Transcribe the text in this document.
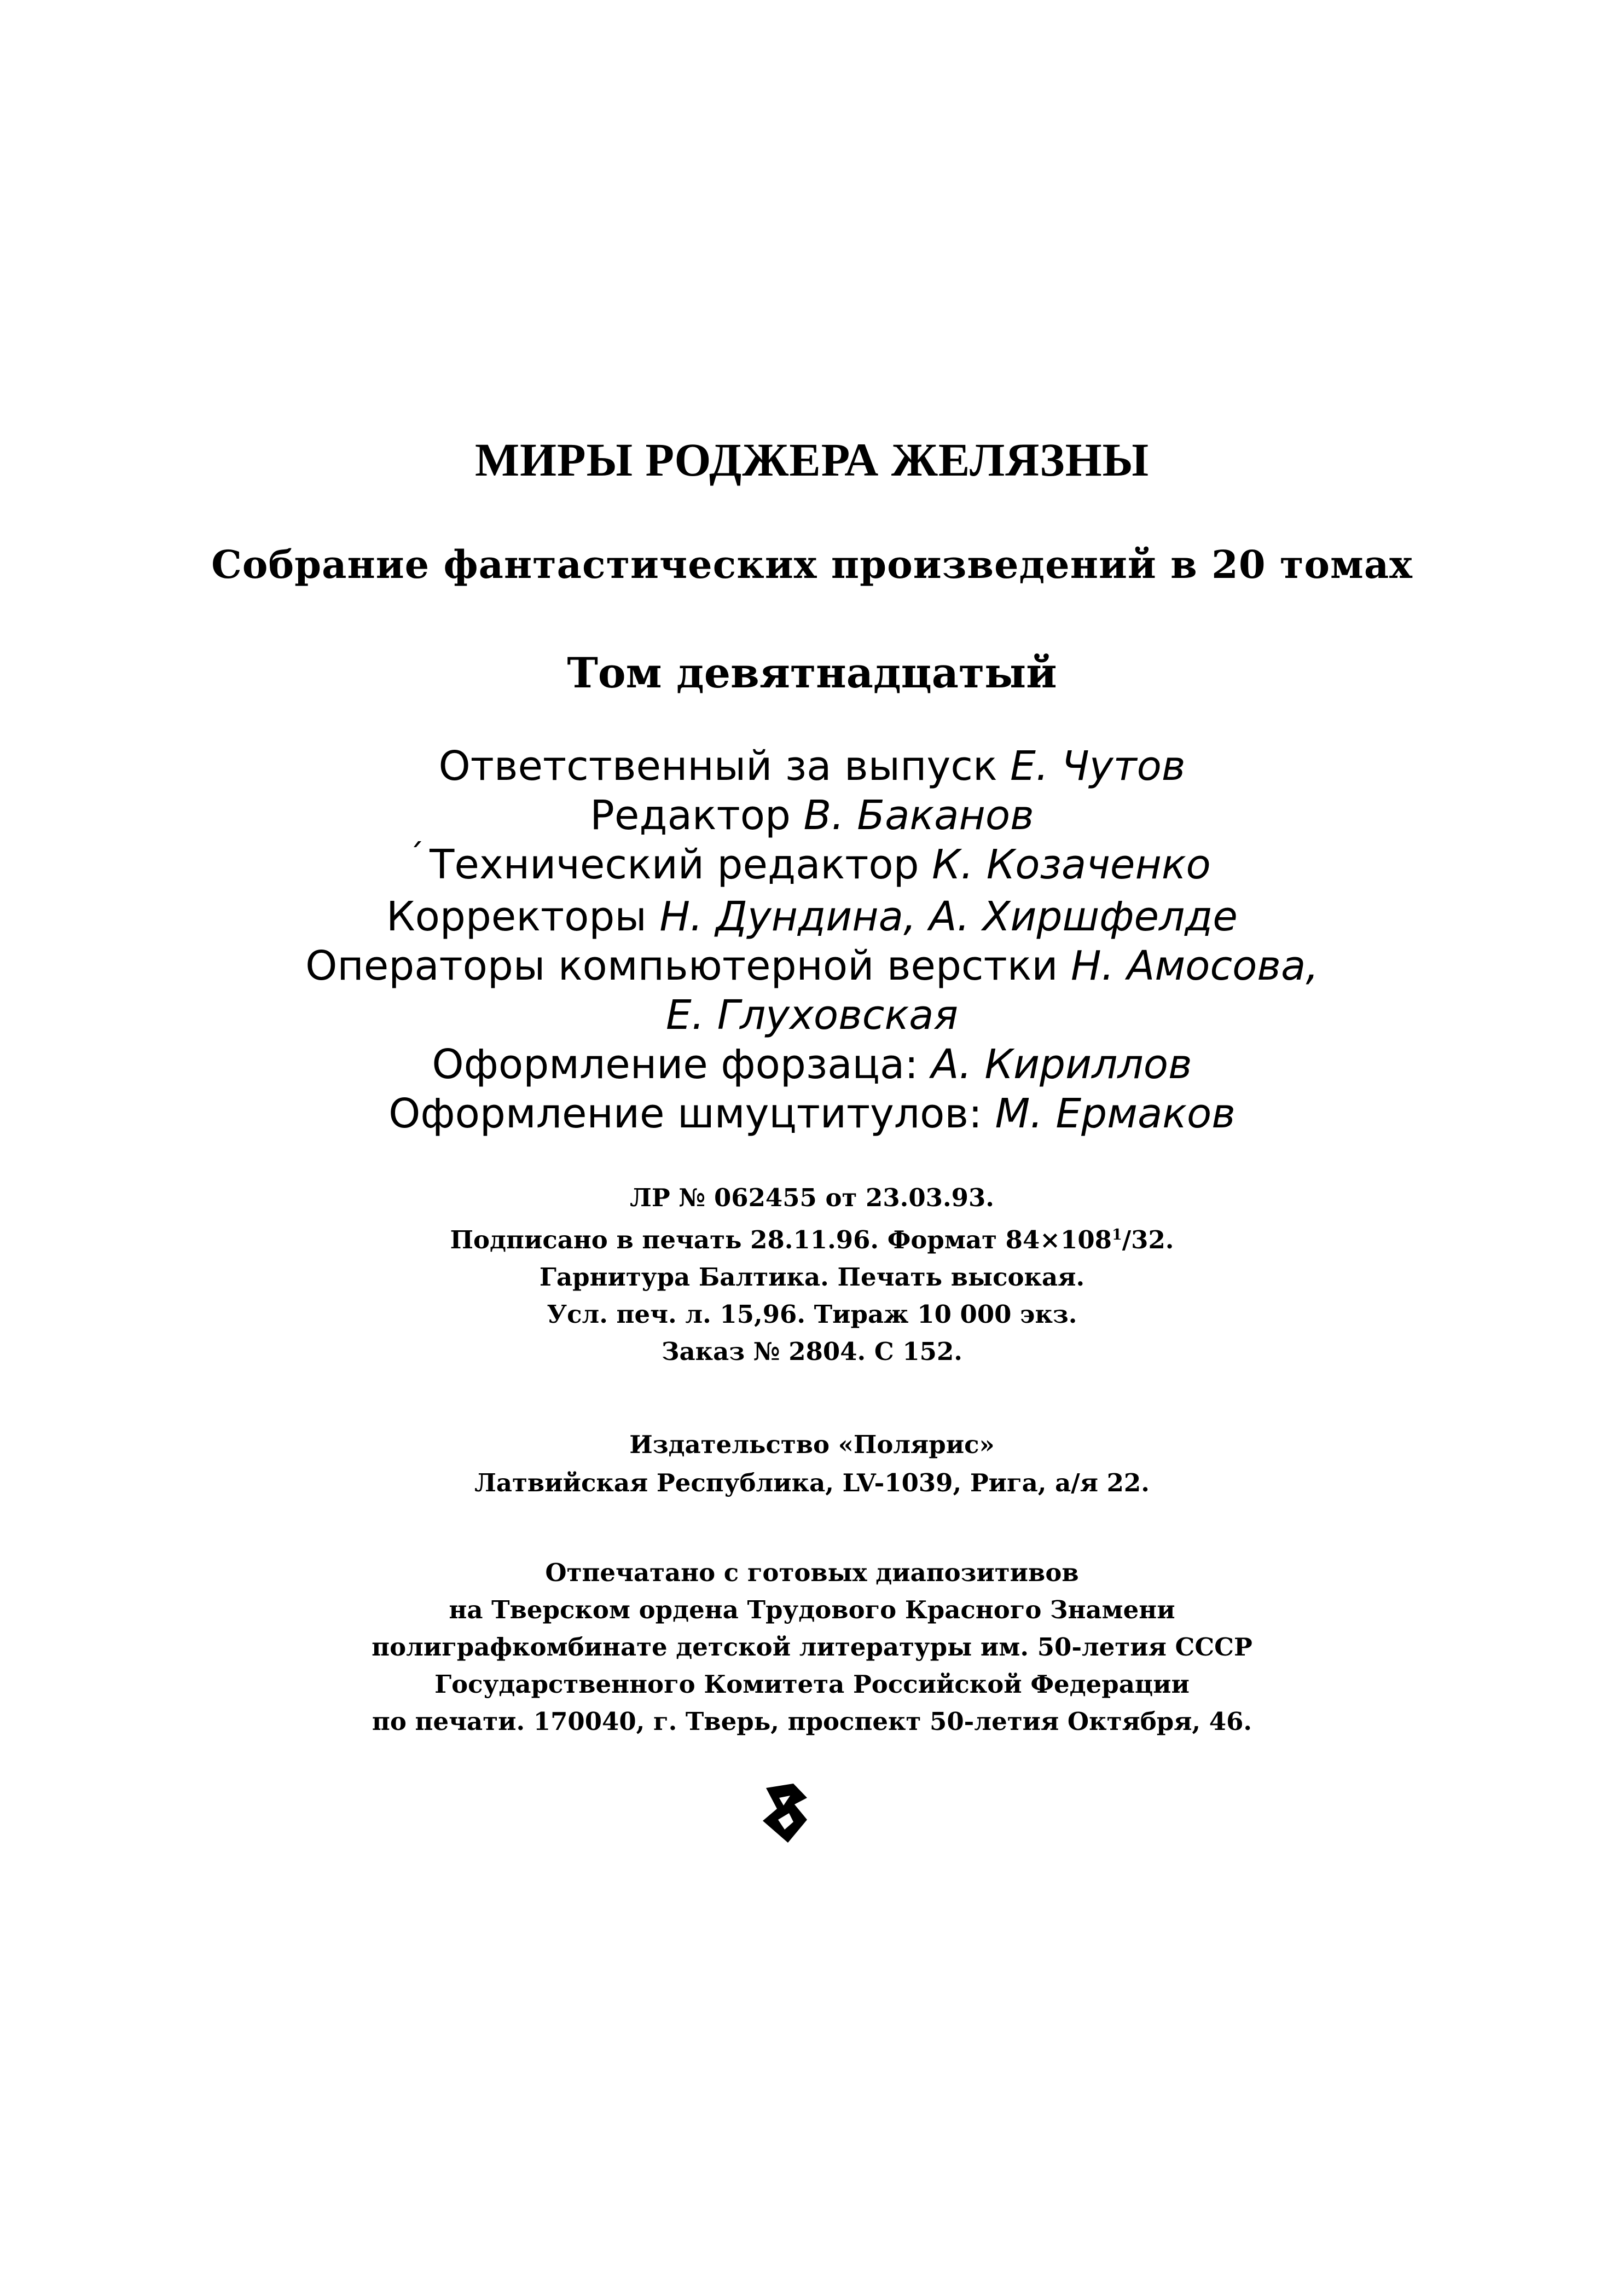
МИРЫ РОДЖЕРА ЖЕЛЯЗНЫ
Собрание фантастических произведений в 20 томах
Том девятнадцатый
Ответственный за выпуск Е. Чутов
Редактор В. Баканов
ˊ Технический редактор К. Козаченко
Корректоры Н. Дундина, А. Хиршфелде
Операторы компьютерной верстки Н. Амосова,
Е. Глуховская
Оформление форзаца: А. Кириллов
Оформление шмуцтитулов: М. Ермаков
ЛР № 062455 от 23.03.93.
Подписано в печать 28.11.96. Формат $84\times 108^1/32$.
Гарнитура Балтика. Печать высокая.
Усл. печ. л. 15,96. Тираж 10 000 экз.
Заказ № 2804. С 152.
Издательство «Полярис»
Латвийская Республика, LV-1039, Рига, а/я 22.
Отпечатано с готовых диапозитивов
на Тверском ордена Трудового Красного Знамени
полиграфкомбинате детской литературы им. 50-летия СССР
Государственного Комитета Российской Федерации
по печати. 170040, г. Тверь, проспект 50-летия Октября, 46.
